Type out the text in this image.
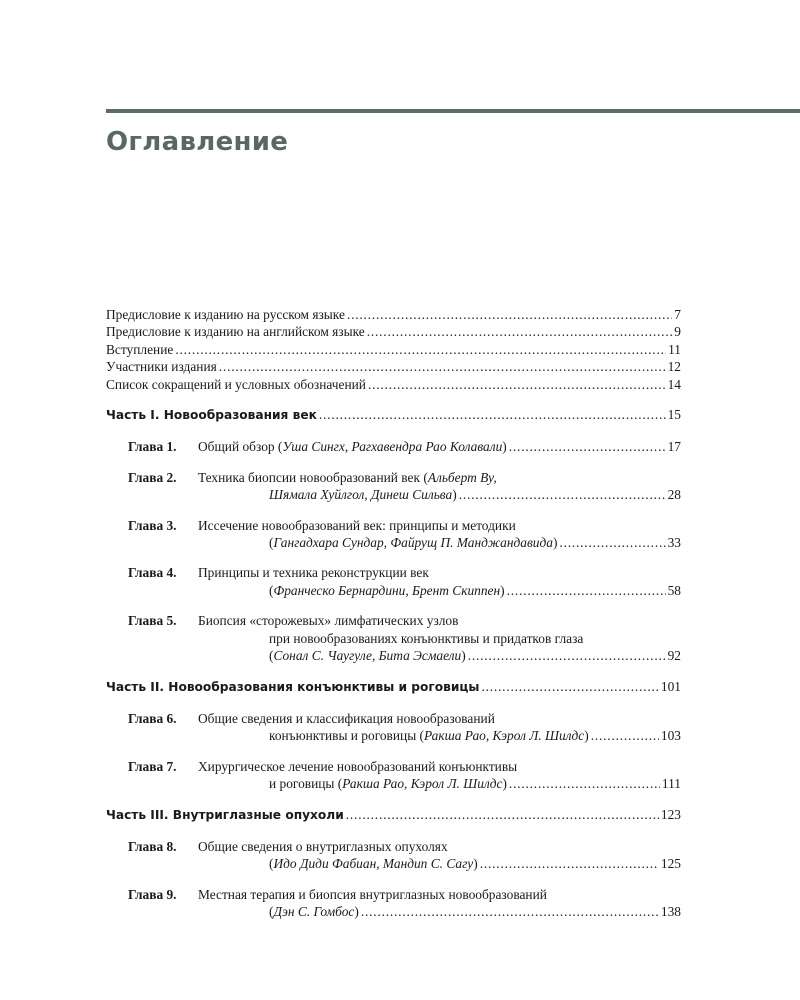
Оглавление
Предисловие к изданию на русском языке .....	7
Предисловие к изданию на английском языке .....	9
Вступление .....	11
Участники издания .....	12
Список сокращений и условных обозначений .....	14
Часть I. Новообразования век .....	15
Глава 1. Общий обзор (Уша Сингх, Рагхавендра Рао Колавали) .....	17
Глава 2. Техника биопсии новообразований век (Альберт Ву,
Шямала Хуйлгол, Динеш Сильва) .....	28
Глава 3. Иссечение новообразований век: принципы и методики
(Гангадхара Сундар, Файрущ П. Манджандавида) .....	33
Глава 4. Принципы и техника реконструкции век
(Франческо Бернардини, Брент Скиппен) .....	58
Глава 5. Биопсия «сторожевых» лимфатических узлов
при новообразованиях конъюнктивы и придатков глаза
(Сонал С. Чаугуле, Бита Эсмаели) .....	92
Часть II. Новообразования конъюнктивы и роговицы .....	101
Глава 6. Общие сведения и классификация новообразований
конъюнктивы и роговицы (Ракша Рао, Кэрол Л. Шилдс) .....	103
Глава 7. Хирургическое лечение новообразований конъюнктивы
и роговицы (Ракша Рао, Кэрол Л. Шилдс) .....	111
Часть III. Внутриглазные опухоли .....	123
Глава 8. Общие сведения о внутриглазных опухолях
(Идо Диди Фабиан, Мандип С. Сагу) .....	125
Глава 9. Местная терапия и биопсия внутриглазных новообразований
(Дэн С. Гомбос) .....	138
